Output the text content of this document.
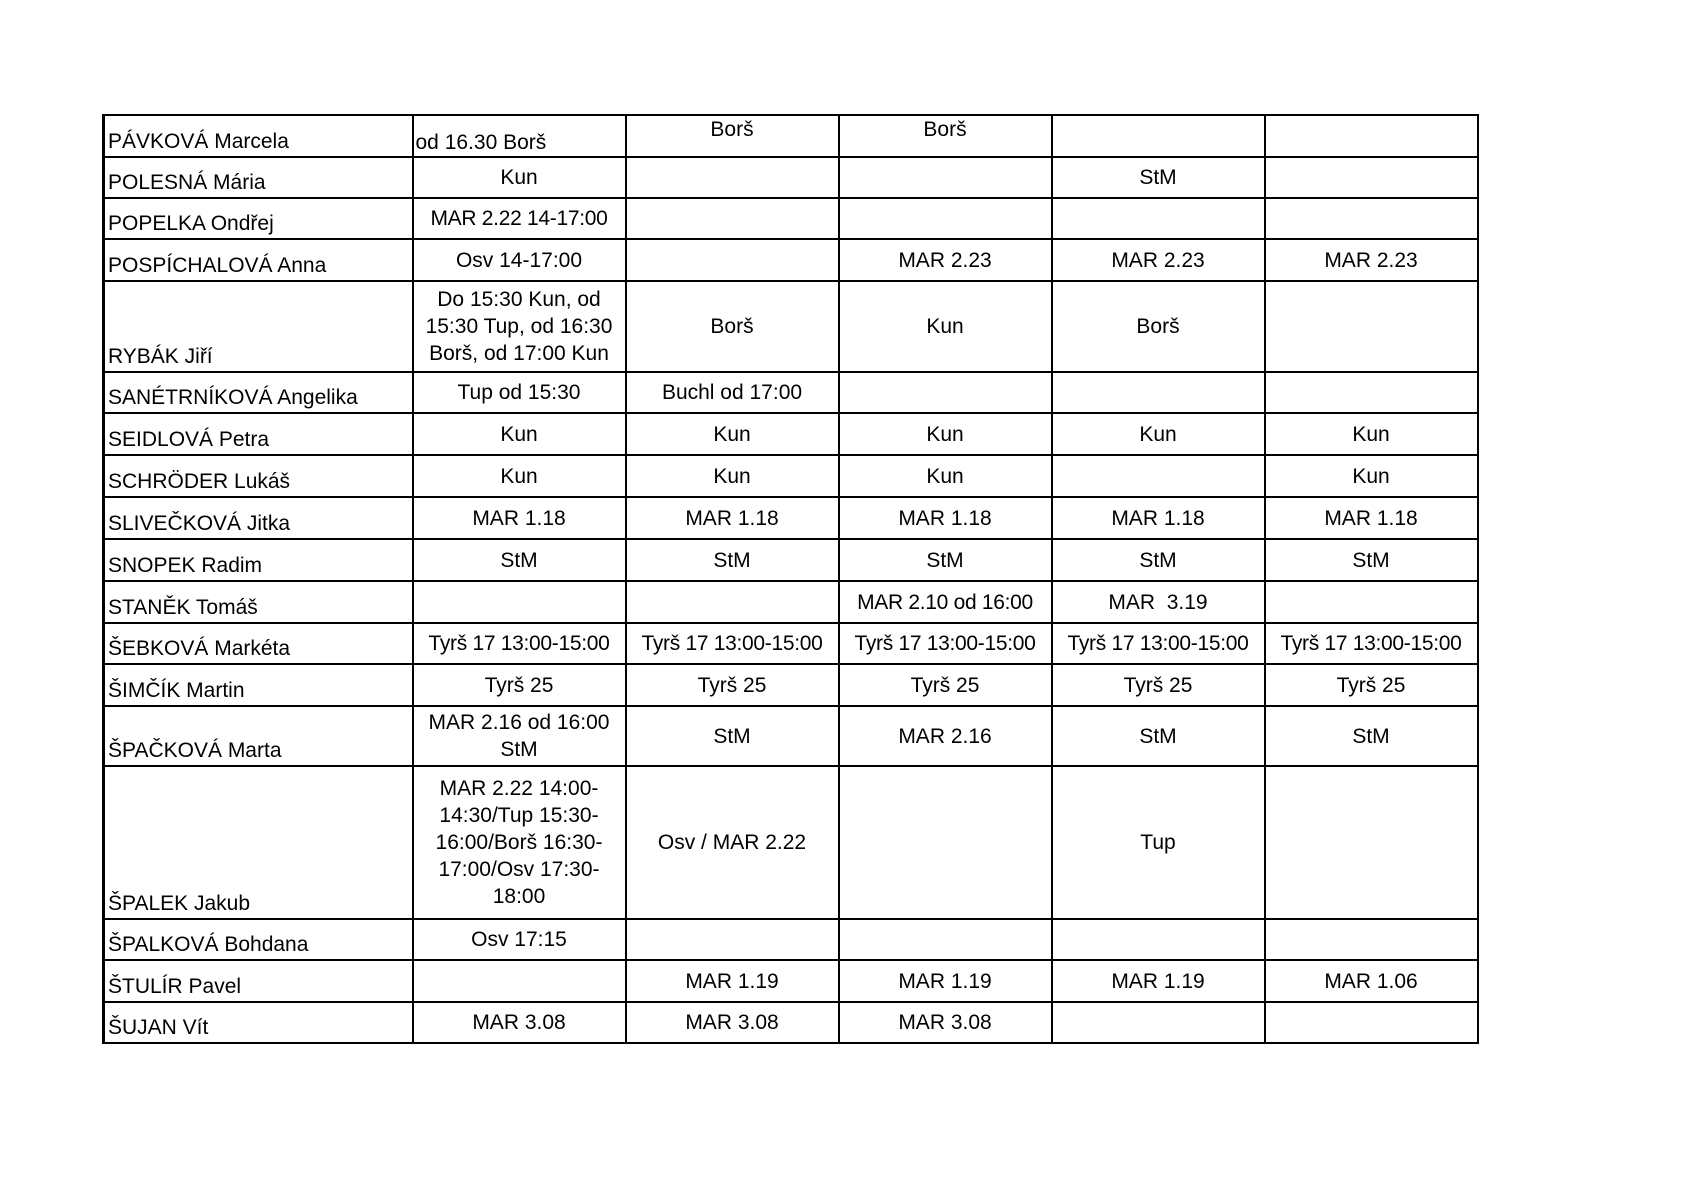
PÁVKOVÁ Marcela	od 16.30 Borš	Borš	Borš		
POLESNÁ Mária	Kun			StM	
POPELKA Ondřej	MAR 2.22 14-17:00				
POSPÍCHALOVÁ Anna	Osv 14-17:00		MAR 2.23	MAR 2.23	MAR 2.23
RYBÁK Jiří	Do 15:30 Kun, od 15:30 Tup, od 16:30 Borš, od 17:00 Kun	Borš	Kun	Borš	
SANÉTRNÍKOVÁ Angelika	Tup od 15:30	Buchl od 17:00			
SEIDLOVÁ Petra	Kun	Kun	Kun	Kun	Kun
SCHRÖDER Lukáš	Kun	Kun	Kun		Kun
SLIVEČKOVÁ Jitka	MAR 1.18	MAR 1.18	MAR 1.18	MAR 1.18	MAR 1.18
SNOPEK Radim	StM	StM	StM	StM	StM
STANĚK Tomáš			MAR 2.10 od 16:00	MAR  3.19	
ŠEBKOVÁ Markéta	Tyrš 17 13:00-15:00	Tyrš 17 13:00-15:00	Tyrš 17 13:00-15:00	Tyrš 17 13:00-15:00	Tyrš 17 13:00-15:00
ŠIMČÍK Martin	Tyrš 25	Tyrš 25	Tyrš 25	Tyrš 25	Tyrš 25
ŠPAČKOVÁ Marta	MAR 2.16 od 16:00 StM	StM	MAR 2.16	StM	StM
ŠPALEK Jakub	MAR 2.22 14:00-14:30/Tup 15:30-16:00/Borš 16:30-17:00/Osv 17:30-18:00	Osv / MAR 2.22		Tup	
ŠPALKOVÁ Bohdana	Osv 17:15				
ŠTULÍR Pavel		MAR 1.19	MAR 1.19	MAR 1.19	MAR 1.06
ŠUJAN Vít	MAR 3.08	MAR 3.08	MAR 3.08		
